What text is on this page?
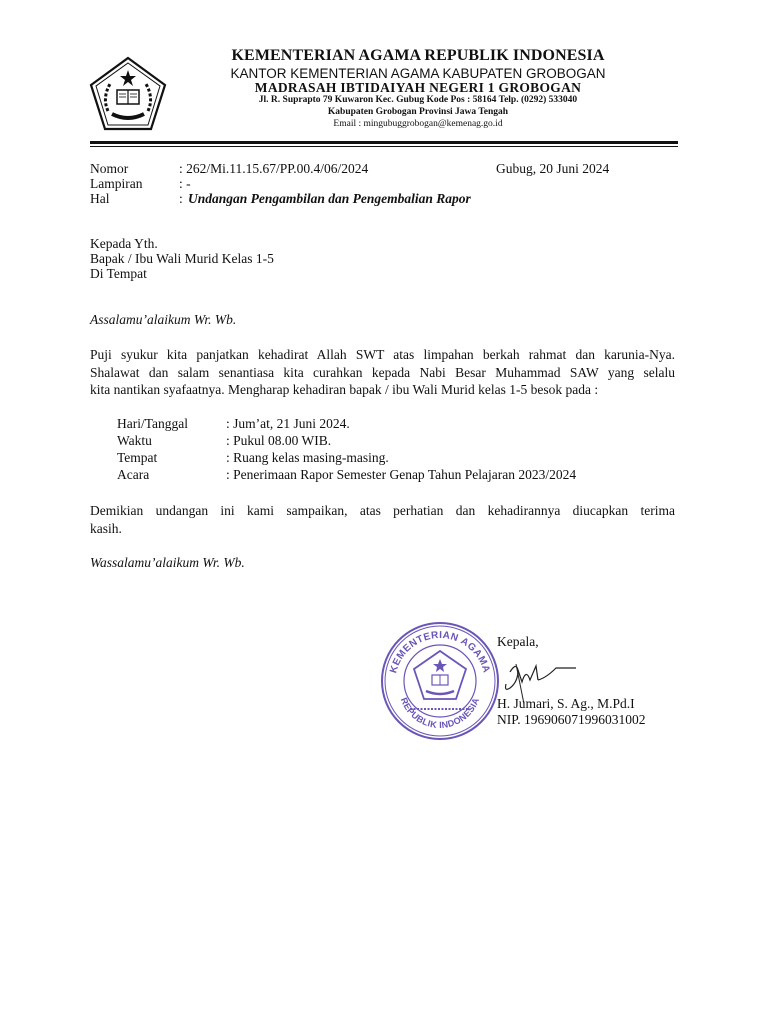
KEMENTERIAN AGAMA REPUBLIK INDONESIA
KANTOR KEMENTERIAN AGAMA KABUPATEN GROBOGAN
MADRASAH IBTIDAIYAH NEGERI 1 GROBOGAN
Jl. R. Suprapto 79 Kuwaron Kec. Gubug Kode Pos : 58164 Telp. (0292) 533040
Kabupaten Grobogan Provinsi Jawa Tengah
Email : mingubuggrobogan@kemenag.go.id
Nomor	: 262/Mi.11.15.67/PP.00.4/06/2024	Gubug, 20 Juni 2024
Lampiran	: -
Hal	: Undangan Pengambilan dan Pengembalian Rapor
Kepada Yth.
Bapak / Ibu Wali Murid Kelas 1-5
Di Tempat
Assalamu’alaikum Wr. Wb.
Puji syukur kita panjatkan kehadirat Allah SWT atas limpahan berkah rahmat dan karunia-Nya.
Shalawat dan salam senantiasa kita curahkan kepada Nabi Besar Muhammad SAW yang selalu
kita nantikan syafaatnya. Mengharap kehadiran bapak / ibu Wali Murid kelas 1-5 besok pada :
Hari/Tanggal	: Jum’at, 21 Juni 2024.
Waktu	: Pukul 08.00 WIB.
Tempat	: Ruang kelas masing-masing.
Acara	: Penerimaan Rapor Semester Genap Tahun Pelajaran 2023/2024
Demikian undangan ini kami sampaikan, atas perhatian dan kehadirannya diucapkan terima
kasih.
Wassalamu’alaikum Wr. Wb.
KEMENTERIAN AGAMA
REPUBLIK INDONESIA
Kepala,
H. Jumari, S. Ag., M.Pd.I
NIP. 196906071996031002
